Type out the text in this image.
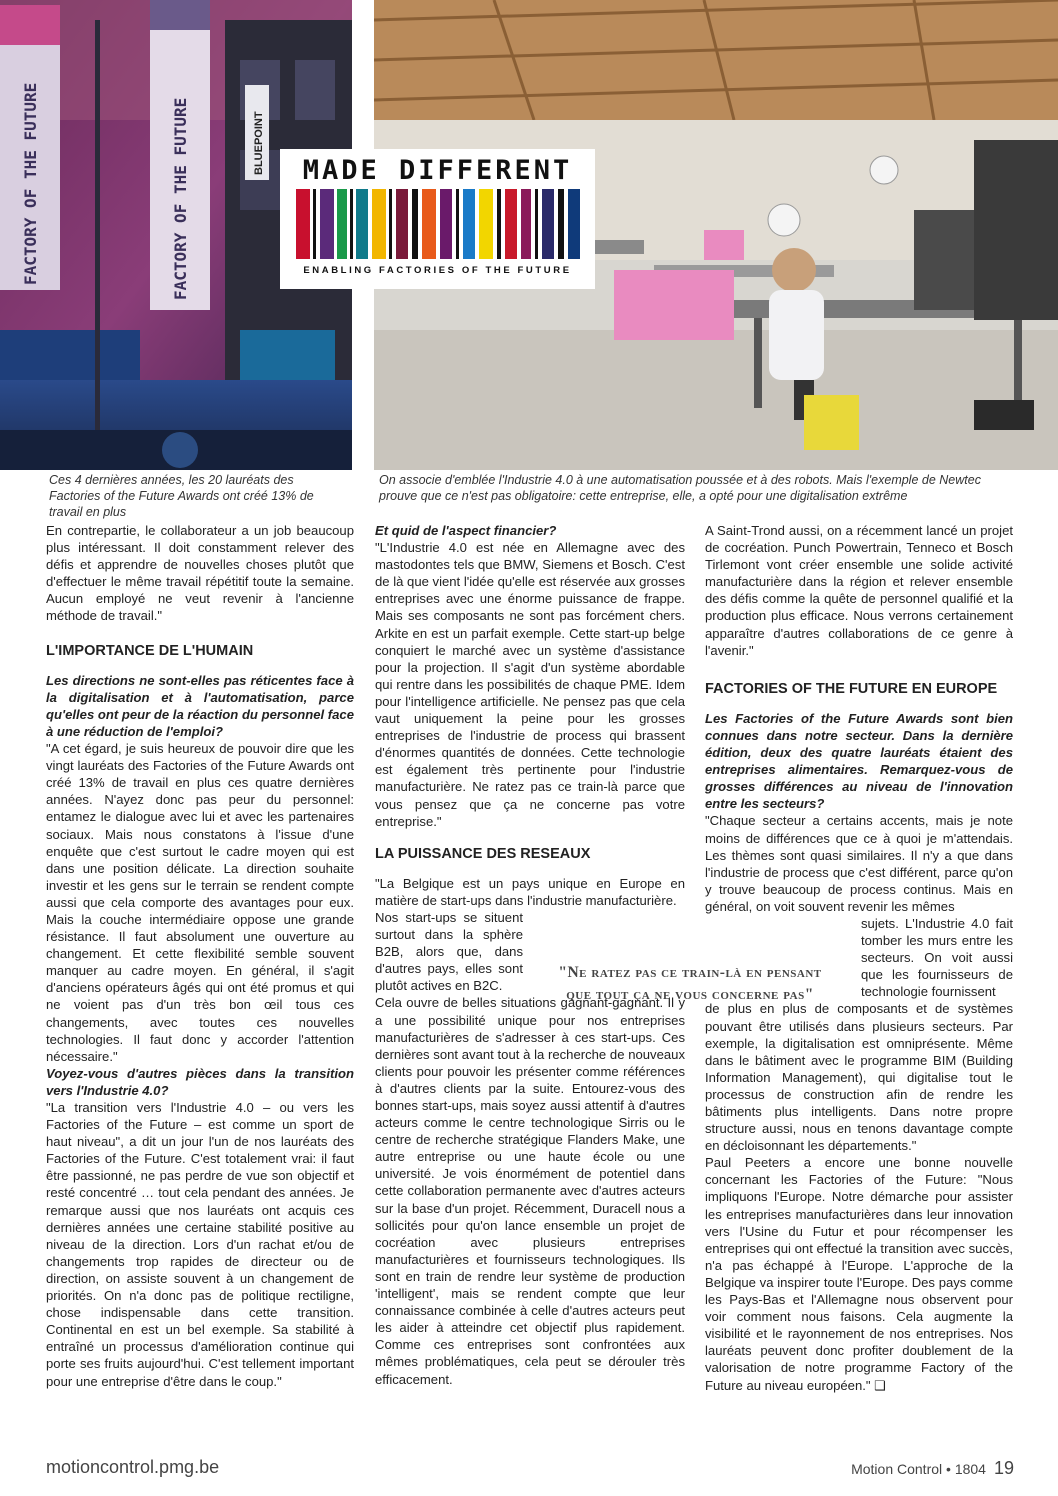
FACTORY OF THE FUTURE	FACTORY OF THE FUTURE	BLUEPOINT	MADE DIFFERENT
ENABLING FACTORIES OF THE FUTURE
Ces 4 dernières années, les 20 lauréats des Factories of the Future Awards ont créé 13% de travail en plus
On associe d'emblée l'Industrie 4.0 à une automatisation poussée et à des robots. Mais l'exemple de Newtec prouve que ce n'est pas obligatoire: cette entreprise, elle, a opté pour une digitalisation extrême

En contrepartie, le collaborateur a un job beaucoup plus intéressant. Il doit constamment relever des défis et apprendre de nouvelles choses plutôt que d'effectuer le même travail répétitif toute la semaine. Aucun employé ne veut revenir à l'ancienne méthode de travail."

L'IMPORTANCE DE L'HUMAIN

Les directions ne sont-elles pas réticentes face à la digitalisation et à l'automatisation, parce qu'elles ont peur de la réaction du personnel face à une réduction de l'emploi?

"A cet égard, je suis heureux de pouvoir dire que les vingt lauréats des Factories of the Future Awards ont créé 13% de travail en plus ces quatre dernières années. N'ayez donc pas peur du personnel: entamez le dialogue avec lui et avec les partenaires sociaux. Mais nous constatons à l'issue d'une enquête que c'est surtout le cadre moyen qui est dans une position délicate. La direction souhaite investir et les gens sur le terrain se rendent compte aussi que cela comporte des avantages pour eux. Mais la couche intermédiaire oppose une grande résistance. Il faut absolument une ouverture au changement. Et cette flexibilité semble souvent manquer au cadre moyen. En général, il s'agit d'anciens opérateurs âgés qui ont été promus et qui ne voient pas d'un très bon œil tous ces changements, avec toutes ces nouvelles technologies. Il faut donc y accorder l'attention nécessaire."

Voyez-vous d'autres pièces dans la transition vers l'Industrie 4.0?

"La transition vers l'Industrie 4.0 – ou vers les Factories of the Future – est comme un sport de haut niveau", a dit un jour l'un de nos lauréats des Factories of the Future. C'est totalement vrai: il faut être passionné, ne pas perdre de vue son objectif et resté concentré … tout cela pendant des années. Je remarque aussi que nos lauréats ont acquis ces dernières années une certaine stabilité positive au niveau de la direction. Lors d'un rachat et/ou de changements trop rapides de directeur ou de direction, on assiste souvent à un changement de priorités. On n'a donc pas de politique rectiligne, chose indispensable dans cette transition. Continental en est un bel exemple. Sa stabilité à entraîné un processus d'amélioration continue qui porte ses fruits aujourd'hui. C'est tellement important pour une entreprise d'être dans le coup."

Et quid de l'aspect financier?

"L'Industrie 4.0 est née en Allemagne avec des mastodontes tels que BMW, Siemens et Bosch. C'est de là que vient l'idée qu'elle est réservée aux grosses entreprises avec une énorme puissance de frappe. Mais ses composants ne sont pas forcément chers. Arkite en est un parfait exemple. Cette start-up belge conquiert le marché avec un système d'assistance pour la projection. Il s'agit d'un système abordable qui rentre dans les possibilités de chaque PME. Idem pour l'intelligence artificielle. Ne pensez pas que cela vaut uniquement la peine pour les grosses entreprises de l'industrie de process qui brassent d'énormes quantités de données. Cette technologie est également très pertinente pour l'industrie manufacturière. Ne ratez pas ce train-là parce que vous pensez que ça ne concerne pas votre entreprise."

LA PUISSANCE DES RESEAUX

"La Belgique est un pays unique en Europe en matière de start-ups dans l'industrie manufacturière.

Nos start-ups se situent surtout dans la sphère B2B, alors que, dans d'autres pays, elles sont plutôt actives en B2C.

Cela ouvre de belles situations gagnant-gagnant. Il y a une possibilité unique pour nos entreprises manufacturières de s'adresser à ces start-ups. Ces dernières sont avant tout à la recherche de nouveaux clients pour pouvoir les présenter comme références à d'autres clients par la suite. Entourez-vous des bonnes start-ups, mais soyez aussi attentif à d'autres acteurs comme le centre technologique Sirris ou le centre de recherche stratégique Flanders Make, une autre entreprise ou une haute école ou une université. Je vois énormément de potentiel dans cette collaboration permanente avec d'autres acteurs sur la base d'un projet. Récemment, Duracell nous a sollicités pour qu'on lance ensemble un projet de cocréation avec plusieurs entreprises manufacturières et fournisseurs technologiques. Ils sont en train de rendre leur système de production 'intelligent', mais se rendent compte que leur connaissance combinée à celle d'autres acteurs peut les aider à atteindre cet objectif plus rapidement. Comme ces entreprises sont confrontées aux mêmes problématiques, cela peut se dérouler très efficacement.

"Ne ratez pas ce train-là en pensant
que tout ça ne vous concerne pas"

A Saint-Trond aussi, on a récemment lancé un projet de cocréation. Punch Powertrain, Tenneco et Bosch Tirlemont vont créer ensemble une solide activité manufacturière dans la région et relever ensemble des défis comme la quête de personnel qualifié et la production plus efficace. Nous verrons certainement apparaître d'autres collaborations de ce genre à l'avenir."

FACTORIES OF THE FUTURE EN EUROPE

Les Factories of the Future Awards sont bien connues dans notre secteur. Dans la dernière édition, deux des quatre lauréats étaient des entreprises alimentaires. Remarquez-vous de grosses différences au niveau de l'innovation entre les secteurs?

"Chaque secteur a certains accents, mais je note moins de différences que ce à quoi je m'attendais. Les thèmes sont quasi similaires. Il n'y a que dans l'industrie de process que c'est différent, parce qu'on y trouve beaucoup de process continus. Mais en général, on voit souvent revenir les mêmes

sujets. L'Industrie 4.0 fait tomber les murs entre les secteurs. On voit aussi que les fournisseurs de technologie fournissent

de plus en plus de composants et de systèmes pouvant être utilisés dans plusieurs secteurs. Par exemple, la digitalisation est omniprésente. Même dans le bâtiment avec le programme BIM (Building Information Management), qui digitalise tout le processus de construction afin de rendre les bâtiments plus intelligents. Dans notre propre structure aussi, nous en tenons davantage compte en décloisonnant les départements."

Paul Peeters a encore une bonne nouvelle concernant les Factories of the Future: "Nous impliquons l'Europe. Notre démarche pour assister les entreprises manufacturières dans leur innovation vers l'Usine du Futur et pour récompenser les entreprises qui ont effectué la transition avec succès, n'a pas échappé à l'Europe. L'approche de la Belgique va inspirer toute l'Europe. Des pays comme les Pays-Bas et l'Allemagne nous observent pour voir comment nous faisons. Cela augmente la visibilité et le rayonnement de nos entreprises. Nos lauréats peuvent donc profiter doublement de la valorisation de notre programme Factory of the Future au niveau européen." ❑

motioncontrol.pmg.be	Motion Control • 1804 19
